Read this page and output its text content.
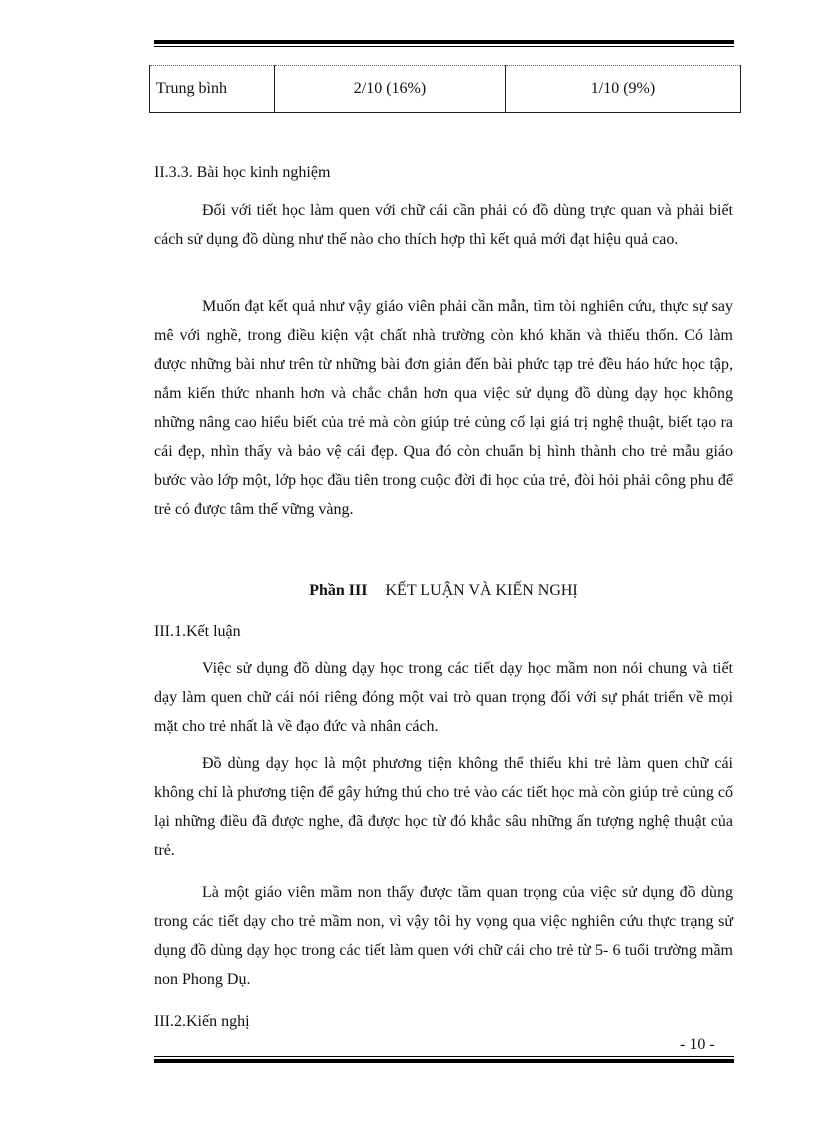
Trung bình	2/10 (16%)	1/10 (9%)

II.3.3. Bài học kinh nghiệm

Đối với tiết học làm quen với chữ cái cần phải có đồ dùng trực quan và phải biết cách sử dụng đồ dùng như thế nào cho thích hợp thì kết quả mới đạt hiệu quả cao.

Muốn đạt kết quả như vậy giáo viên phải cần mẫn, tìm tòi nghiên cứu, thực sự say mê với nghề, trong điều kiện vật chất nhà trường còn khó khăn và thiếu thốn. Có làm được những bài như trên từ những bài đơn giản đến bài phức tạp trẻ đều háo hức học tập, nắm kiến thức nhanh hơn và chắc chắn hơn qua việc sử dụng đồ dùng dạy học không những nâng cao hiểu biết của trẻ mà còn giúp trẻ củng cố lại giá trị nghệ thuật, biết tạo ra cái đẹp, nhìn thấy và bảo vệ cái đẹp. Qua đó còn chuẩn bị hình thành cho trẻ mẫu giáo bước vào lớp một, lớp học đầu tiên trong cuộc đời đi học của trẻ, đòi hỏi phải công phu để trẻ có được tâm thế vững vàng.

Phần III KẾT LUẬN VÀ KIẾN NGHỊ

III.1.Kết luận

Việc sử dụng đồ dùng dạy học trong các tiết dạy học mầm non nói chung và tiết dạy làm quen chữ cái nói riêng đóng một vai trò quan trọng đối với sự phát triển về mọi mặt cho trẻ nhất là về đạo đức và nhân cách.

Đồ dùng dạy học là một phương tiện không thể thiếu khi trẻ làm quen chữ cái không chỉ là phương tiện để gây hứng thú cho trẻ vào các tiết học mà còn giúp trẻ củng cố lại những điều đã được nghe, đã được học từ đó khắc sâu những ấn tượng nghệ thuật của trẻ.

Là một giáo viên mầm non thấy được tầm quan trọng của việc sử dụng đồ dùng trong các tiết dạy cho trẻ mầm non, vì vậy tôi hy vọng qua việc nghiên cứu thực trạng sử dụng đồ dùng dạy học trong các tiết làm quen với chữ cái cho trẻ từ 5- 6 tuổi trường mầm non Phong Dụ.

III.2.Kiến nghị

- 10 -
